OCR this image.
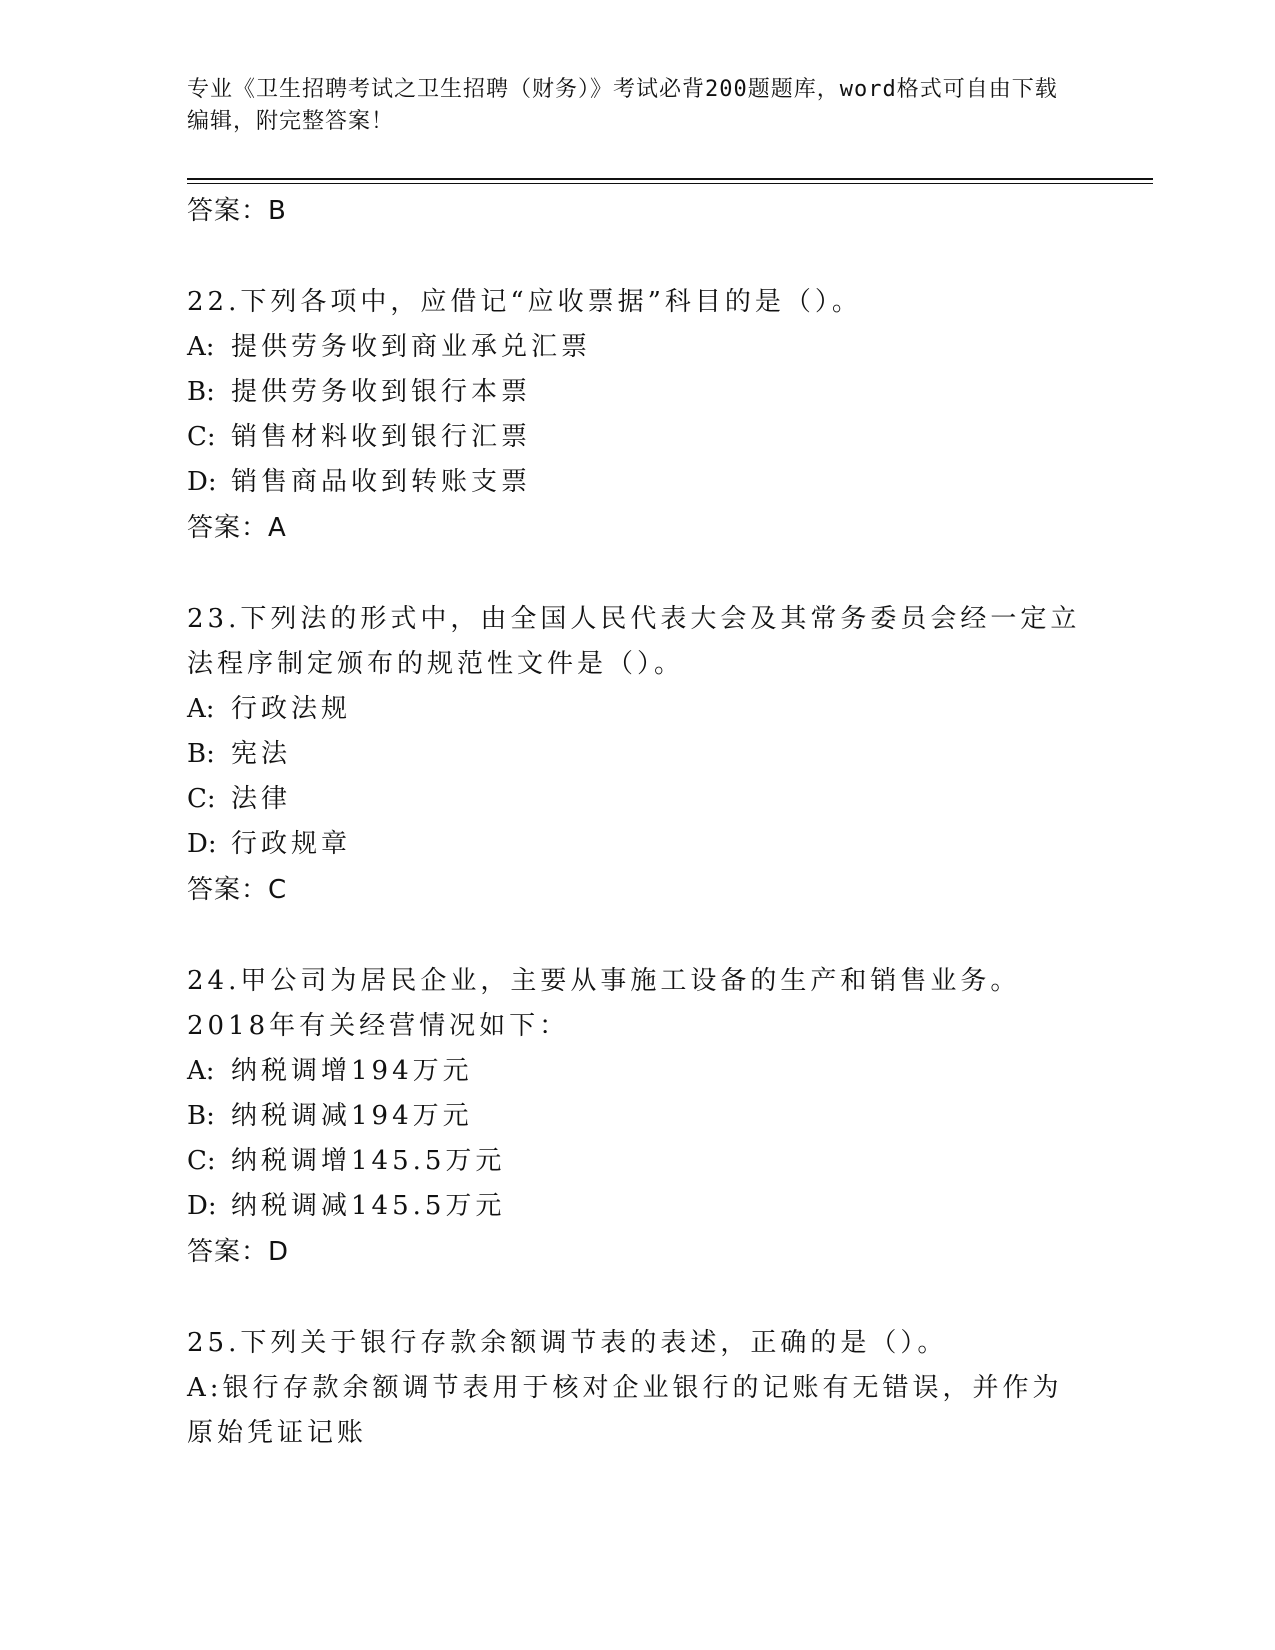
专业《卫生招聘考试之卫生招聘（财务）》考试必背200题题库，word格式可自由下载编辑，附完整答案！
答案：B
22.下列各项中，应借记“应收票据”科目的是（）。
A: 提供劳务收到商业承兑汇票
B: 提供劳务收到银行本票
C: 销售材料收到银行汇票
D: 销售商品收到转账支票
答案：A
23.下列法的形式中，由全国人民代表大会及其常务委员会经一定立法程序制定颁布的规范性文件是（）。
A: 行政法规
B: 宪法
C: 法律
D: 行政规章
答案：C
24.甲公司为居民企业，主要从事施工设备的生产和销售业务。2018年有关经营情况如下：
A: 纳税调增194万元
B: 纳税调减194万元
C: 纳税调增145.5万元
D: 纳税调减145.5万元
答案：D
25.下列关于银行存款余额调节表的表述，正确的是（）。
A:银行存款余额调节表用于核对企业银行的记账有无错误，并作为原始凭证记账
